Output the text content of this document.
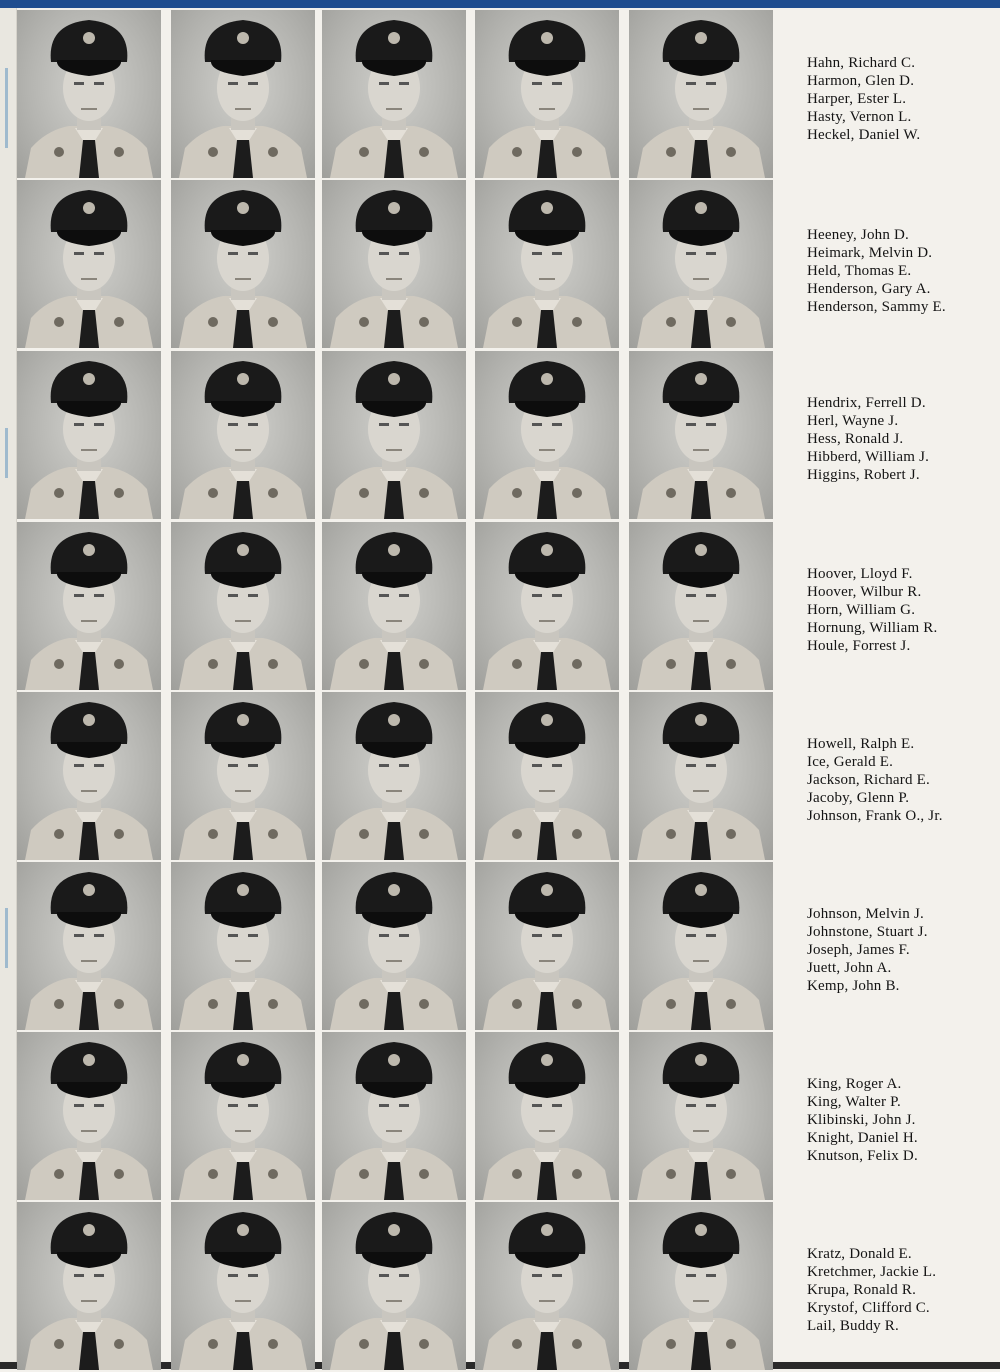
Hahn, Richard C.
Harmon, Glen D.
Harper, Ester L.
Hasty, Vernon L.
Heckel, Daniel W.
Heeney, John D.
Heimark, Melvin D.
Held, Thomas E.
Henderson, Gary A.
Henderson, Sammy E.
Hendrix, Ferrell D.
Herl, Wayne J.
Hess, Ronald J.
Hibberd, William J.
Higgins, Robert J.
Hoover, Lloyd F.
Hoover, Wilbur R.
Horn, William G.
Hornung, William R.
Houle, Forrest J.
Howell, Ralph E.
Ice, Gerald E.
Jackson, Richard E.
Jacoby, Glenn P.
Johnson, Frank O., Jr.
Johnson, Melvin J.
Johnstone, Stuart J.
Joseph, James F.
Juett, John A.
Kemp, John B.
King, Roger A.
King, Walter P.
Klibinski, John J.
Knight, Daniel H.
Knutson, Felix D.
Kratz, Donald E.
Kretchmer, Jackie L.
Krupa, Ronald R.
Krystof, Clifford C.
Lail, Buddy R.
